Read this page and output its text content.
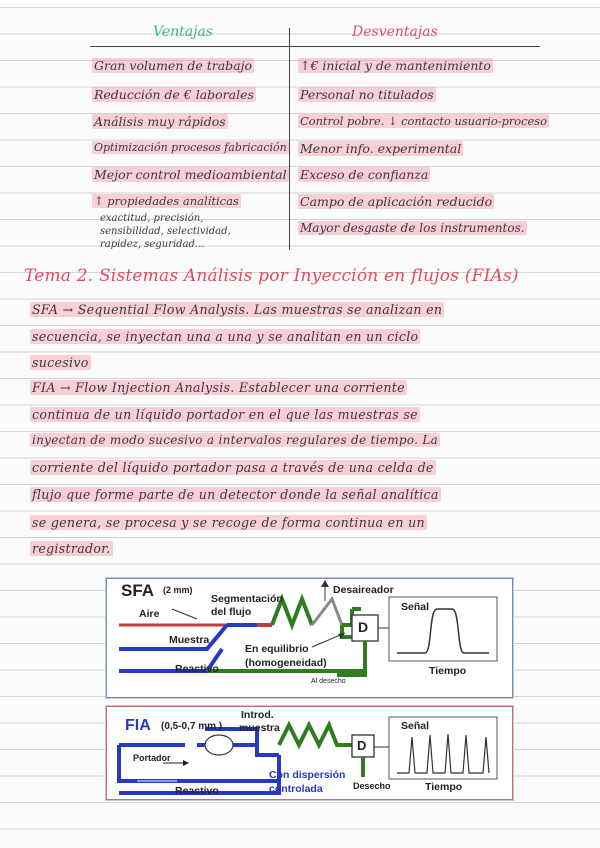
Ventajas	Desventajas
Gran volumen de trabajo
Reducción de € laborales
Análisis muy rápidos
Optimización procesos fabricación
Mejor control medioambiental
↑ propiedades analíticas
exactitud, precisión,
sensibilidad, selectividad,
rapidez, seguridad...
↑€ inicial y de mantenimiento
Personal no titulados
Control pobre. ↓ contacto usuario-proceso
Menor info. experimental
Exceso de confianza
Campo de aplicación reducido
Mayor desgaste de los instrumentos.
Tema 2. Sistemas Análisis por Inyección en flujos (FIAs)
SFA → Sequential Flow Analysis. Las muestras se analizan en
secuencia, se inyectan una a una y se analitan en un ciclo
sucesivo
FIA → Flow Injection Analysis. Establecer una corriente
continua de un líquido portador en el que las muestras se
inyectan de modo sucesivo a intervalos regulares de tiempo. La
corriente del líquido portador pasa a través de una celda de
flujo que forme parte de un detector donde la señal analítica
se genera, se procesa y se recoge de forma continua en un
registrador.
SFA (2 mm)
Aire
Segmentación
del flujo
Desaireador
Muestra
Reactivo
En equilibrio
(homogeneidad)
Al desecho
D
Señal
Tiempo
FIA (0,5-0,7 mm )
Introd.
muestra
Portador
Reactivo
Con dispersión
controlada
D
Desecho
Señal
Tiempo
